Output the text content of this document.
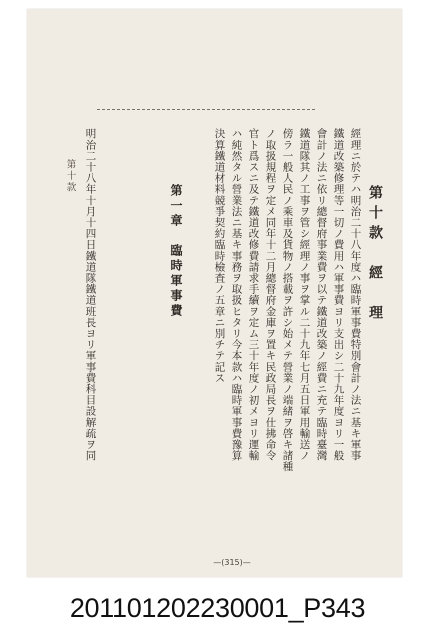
第十款　經　理
經理ニ於テハ明治二十八年度ハ臨時軍事費特別會計ノ法ニ基キ軍事
鐵道改築修理等一切ノ費用ハ軍事費ヨリ支出シ二十九年度ヨリ一般
會計ノ法ニ依リ總督府事業費ヲ以テ鐵道改築ノ經費ニ充テ臨時臺灣
鐵道隊其ノ工事ヲ管シ經理ノ事ヲ掌ル二十九年七月五日軍用輸送ノ
傍ラ一般人民ノ乘車及貨物ノ搭載ヲ許シ始メテ營業ノ端緒ヲ啓キ諸種
ノ取扱規程ヲ定メ同年十二月總督府金庫ヲ置キ民政局長ヲ仕拂命令
官ト爲スニ及テ鐵道改修費請求手續ヲ定ム三十年度ノ初メヨリ運輸
ハ純然タル營業法ニ基キ事務ヲ取扱ヒタリ今本款ハ臨時軍事費豫算
決算鐵道材料競爭契約臨時檢査ノ五章ニ別チテ記ス
第一章　臨時軍事費
明治二十八年十月十四日鐵道隊鐵道班長ヨリ軍事費科目設解疏ヲ同
第十款
—(315)—
201101202230001_P343
